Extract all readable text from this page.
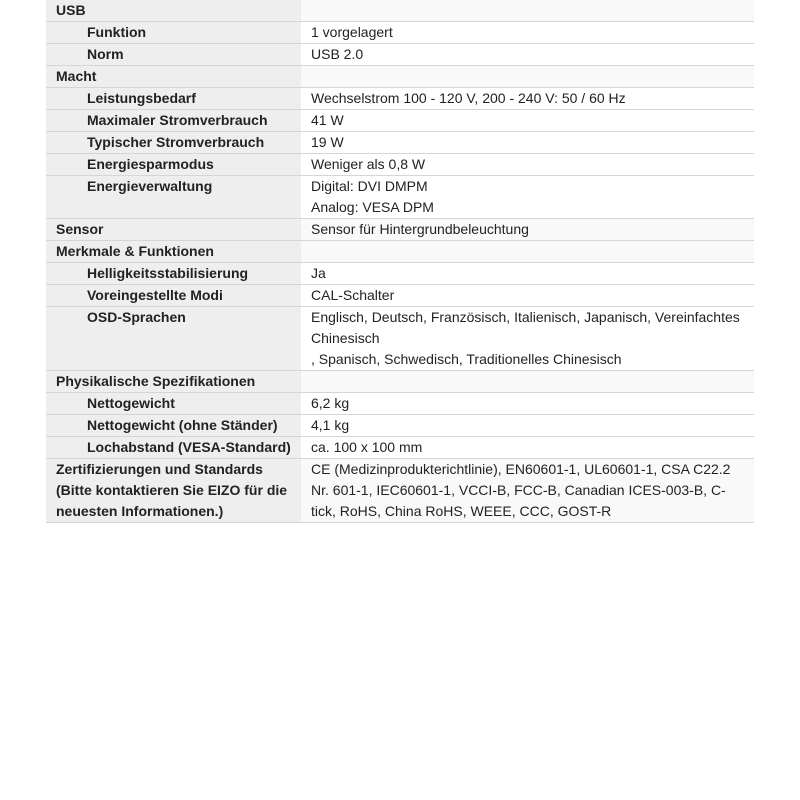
USB	
Funktion	1 vorgelagert
Norm	USB 2.0
Macht	
Leistungsbedarf	Wechselstrom 100 - 120 V, 200 - 240 V: 50 / 60 Hz
Maximaler Stromverbrauch	41 W
Typischer Stromverbrauch	19 W
Energiesparmodus	Weniger als 0,8 W
Energieverwaltung	Digital: DVI DMPM
Analog: VESA DPM
Sensor	Sensor für Hintergrundbeleuchtung
Merkmale & Funktionen	
Helligkeitsstabilisierung	Ja
Voreingestellte Modi	CAL-Schalter
OSD-Sprachen	Englisch, Deutsch, Französisch, Italienisch, Japanisch, Vereinfachtes Chinesisch
, Spanisch, Schwedisch, Traditionelles Chinesisch
Physikalische Spezifikationen	
Nettogewicht	6,2 kg
Nettogewicht (ohne Ständer)	4,1 kg
Lochabstand (VESA-Standard)	ca. 100 x 100 mm
Zertifizierungen und Standards (Bitte kontaktieren Sie EIZO für die neuesten Informationen.)	CE (Medizinprodukterichtlinie), EN60601-1, UL60601-1, CSA C22.2 Nr. 601-1, IEC60601-1, VCCI-B, FCC-B, Canadian ICES-003-B, C-tick, RoHS, China RoHS, WEEE, CCC, GOST-R
